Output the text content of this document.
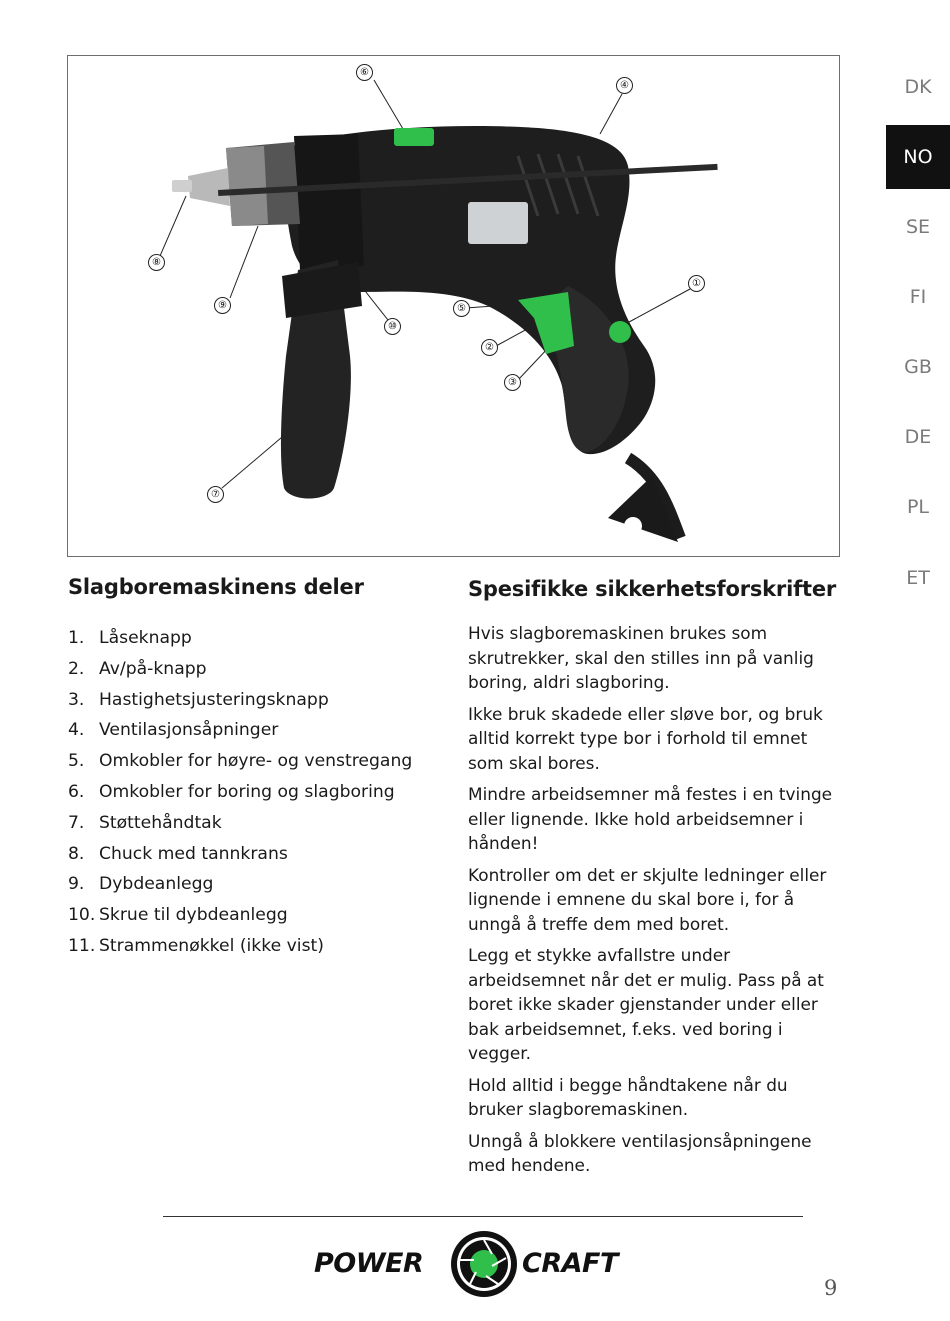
⑥
④
⑧
⑨
①
⑤
⑩
②
③
⑦
DK
NO
SE
FI
GB
DE
PL
ET
Slagboremaskinens deler
1. Låseknapp
2. Av/på-knapp
3. Hastighetsjusteringsknapp
4. Ventilasjonsåpninger
5. Omkobler for høyre- og venstregang
6. Omkobler for boring og slagboring
7. Støttehåndtak
8. Chuck med tannkrans
9. Dybdeanlegg
10. Skrue til dybdeanlegg
11. Strammenøkkel (ikke vist)
Spesifikke sikkerhetsforskrifter

Hvis slagboremaskinen brukes som skrutrekker, skal den stilles inn på vanlig boring, aldri slagboring.

Ikke bruk skadede eller sløve bor, og bruk alltid korrekt type bor i forhold til emnet som skal bores.

Mindre arbeidsemner må festes i en tvinge eller lignende. Ikke hold arbeidsemner i hånden!

Kontroller om det er skjulte ledninger eller lignende i emnene du skal bore i, for å unngå å treffe dem med boret.

Legg et stykke avfallstre under arbeidsemnet når det er mulig. Pass på at boret ikke skader gjenstander under eller bak arbeidsemnet, f.eks. ved boring i vegger.

Hold alltid i begge håndtakene når du bruker slagboremaskinen.

Unngå å blokkere ventilasjonsåpningene med hendene.

POWER	CRAFT
9
